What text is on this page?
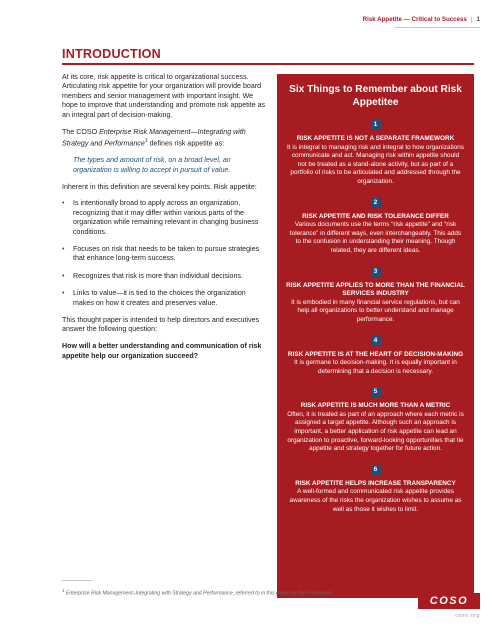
Risk Appetite — Critical to Success | 1
INTRODUCTION

At its core, risk appetite is critical to organizational success. Articulating risk appetite for your organization will provide board members and senior management with important insight. We hope to improve that understanding and promote risk appetite as an integral part of decision-making.

The COSO Enterprise Risk Management—Integrating with Strategy and Performance$^1$ defines risk appetite as:

The types and amount of risk, on a broad level, an organization is willing to accept in pursuit of value.

Inherent in this definition are several key points. Risk appetite:

• Is intentionally broad to apply across an organization, recognizing that it may differ within various parts of the organization while remaining relevant in changing business conditions.
• Focuses on risk that needs to be taken to pursue strategies that enhance long-term success.
• Recognizes that risk is more than individual decisions.
• Links to value—it is tied to the choices the organization makes on how it creates and preserves value.

This thought paper is intended to help directors and executives answer the following question:

How will a better understanding and communication of risk appetite help our organization succeed?

Six Things to Remember about Risk Appetitee
1
RISK APPETITE IS NOT A SEPARATE FRAMEWORK
It is integral to managing risk and integral to how organizations communicate and act. Managing risk within appetite should not be treated as a stand-alone activity, but as part of a portfolio of risks to be articulated and addressed through the organization.
2
RISK APPETITE AND RISK TOLERANCE DIFFER
Various documents use the terms “risk appetite” and “risk tolerance” in different ways, even interchangeably. This adds to the confusion in understanding their meaning. Though related, they are different ideas.
3
RISK APPETITE APPLIES TO MORE THAN THE FINANCIAL SERVICES INDUSTRY
It is embodied in many financial service regulations, but can help all organizations to better understand and manage performance.
4
RISK APPETITE IS AT THE HEART OF DECISION-MAKING
It is germane to decision-making. It is equally important in determining that a decision is necessary.
5
RISK APPETITE IS MUCH MORE THAN A METRIC
Often, it is treated as part of an approach where each metric is assigned a target appetite. Although such an approach is important, a better application of risk appetite can lead an organization to proactive, forward-looking opportunities that tie appetite and strategy together for future action.
6
RISK APPETITE HELPS INCREASE TRANSPARENCY
A well-formed and communicated risk appetite provides awareness of the risks the organization wishes to assume as well as those it wishes to limit.
$^1$ Enterprise Risk Management–Integrating with Strategy and Performance, referred to in this paper as the Framework.
COSO
coso.org
